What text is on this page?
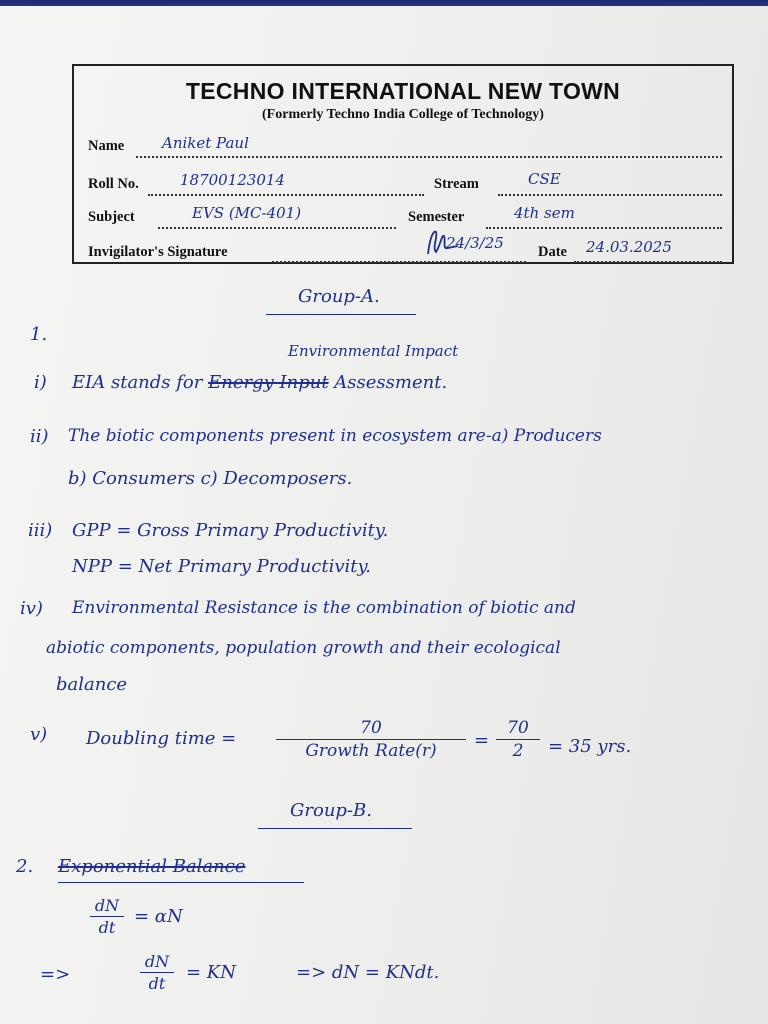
TECHNO INTERNATIONAL NEW TOWN
(Formerly Techno India College of Technology)
Name	Aniket Paul
Roll No.	18700123014	Stream	CSE
Subject	EVS (MC-401)	Semester	4th sem
Invigilator's Signature	24/3/25 Date 24.03.2025
Group-A.
1.
Environmental Impact
i) EIA stands for Energy Input Assessment.
ii) The biotic components present in ecosystem are-a) Producers
b) Consumers c) Decomposers.
iii) GPP = Gross Primary Productivity.
NPP = Net Primary Productivity.
iv) Environmental Resistance is the combination of biotic and
abiotic components, population growth and their ecological
balance
v) Doubling time =	70
Growth Rate(r)	=
70
2	= 35 yrs.
Group-B.
2. Exponential Balance
dN
dt
= αN
=>
dN
dt
= KN	=> dN = KNdt.
